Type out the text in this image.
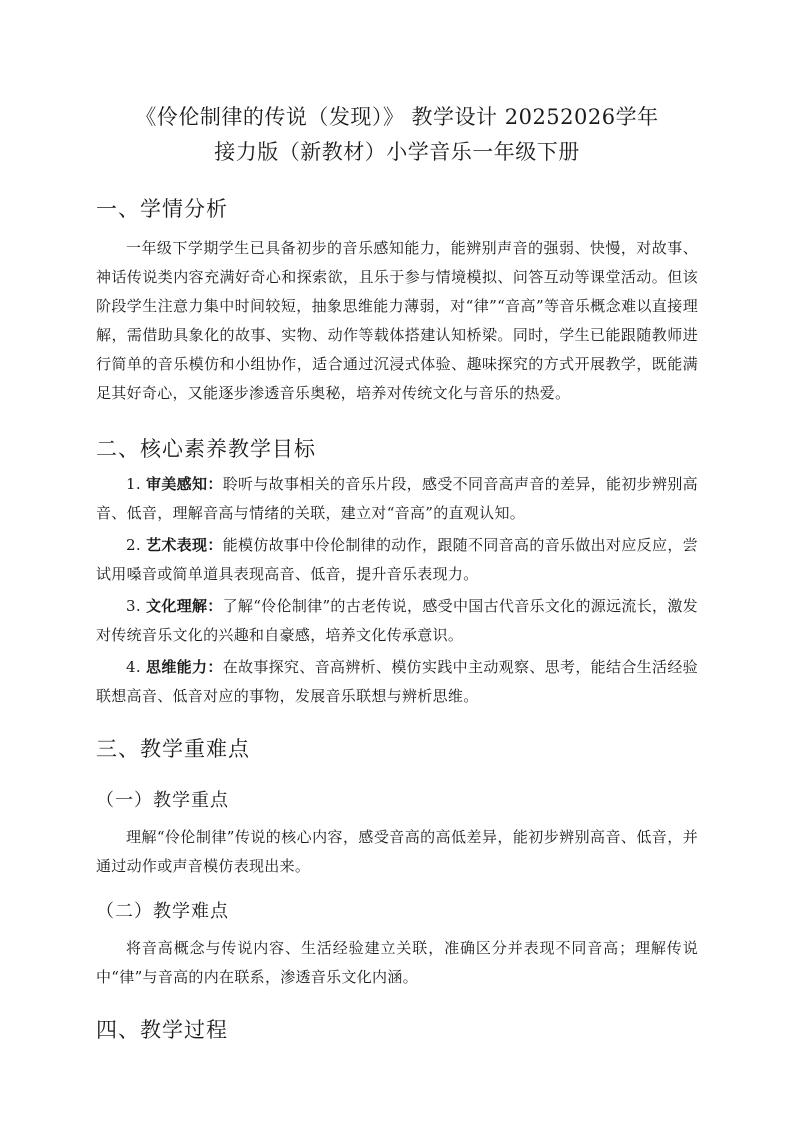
《伶伦制律的传说（发现）》 教学设计 20252026学年

接力版（新教材）小学音乐一年级下册

一、学情分析

一年级下学期学生已具备初步的音乐感知能力，能辨别声音的强弱、快慢，对故事、神话传说类内容充满好奇心和探索欲，且乐于参与情境模拟、问答互动等课堂活动。但该阶段学生注意力集中时间较短，抽象思维能力薄弱，对“律”“音高”等音乐概念难以直接理解，需借助具象化的故事、实物、动作等载体搭建认知桥梁。同时，学生已能跟随教师进行简单的音乐模仿和小组协作，适合通过沉浸式体验、趣味探究的方式开展教学，既能满足其好奇心，又能逐步渗透音乐奥秘，培养对传统文化与音乐的热爱。

二、核心素养教学目标

1. 审美感知：聆听与故事相关的音乐片段，感受不同音高声音的差异，能初步辨别高音、低音，理解音高与情绪的关联，建立对“音高”的直观认知。

2. 艺术表现：能模仿故事中伶伦制律的动作，跟随不同音高的音乐做出对应反应，尝试用嗓音或简单道具表现高音、低音，提升音乐表现力。

3. 文化理解：了解“伶伦制律”的古老传说，感受中国古代音乐文化的源远流长，激发对传统音乐文化的兴趣和自豪感，培养文化传承意识。

4. 思维能力：在故事探究、音高辨析、模仿实践中主动观察、思考，能结合生活经验联想高音、低音对应的事物，发展音乐联想与辨析思维。

三、教学重难点
（一）教学重点

理解“伶伦制律”传说的核心内容，感受音高的高低差异，能初步辨别高音、低音，并通过动作或声音模仿表现出来。

（二）教学难点

将音高概念与传说内容、生活经验建立关联，准确区分并表现不同音高；理解传说中“律”与音高的内在联系，渗透音乐文化内涵。

四、教学过程
